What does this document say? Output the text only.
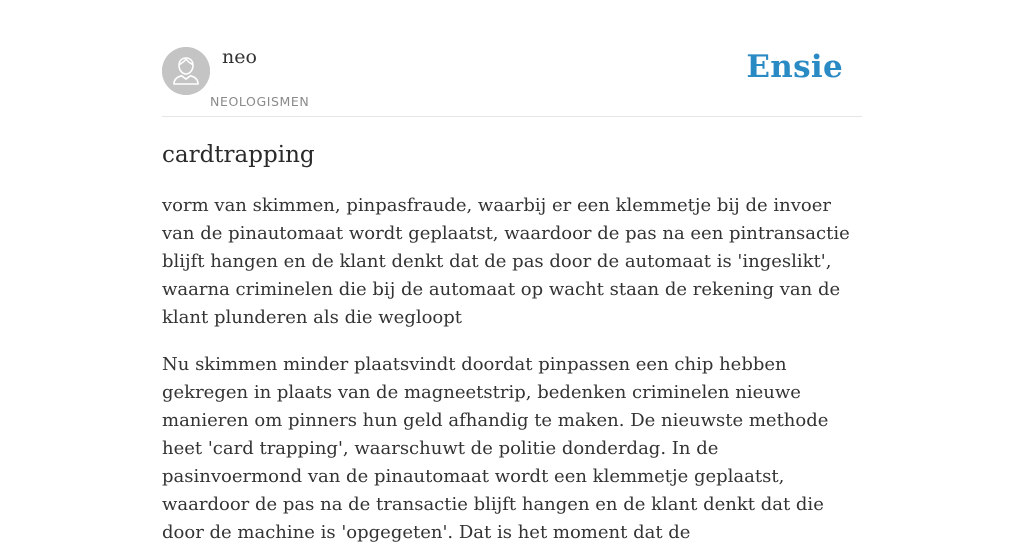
neo
NEOLOGISMEN
Ensie
cardtrapping

vorm van skimmen, pinpasfraude, waarbij er een klemmetje bij de invoer van de pinautomaat wordt geplaatst, waardoor de pas na een pintransactie blijft hangen en de klant denkt dat de pas door de automaat is 'ingeslikt', waarna criminelen die bij de automaat op wacht staan de rekening van de klant plunderen als die wegloopt

Nu skimmen minder plaatsvindt doordat pinpassen een chip hebben gekregen in plaats van de magneetstrip, bedenken criminelen nieuwe manieren om pinners hun geld afhandig te maken. De nieuwste methode heet 'card trapping', waarschuwt de politie donderdag. In de pasinvoermond van de pinautomaat wordt een klemmetje geplaatst, waardoor de pas na de transactie blijft hangen en de klant denkt dat die door de machine is 'opgegeten'. Dat is het moment dat de
